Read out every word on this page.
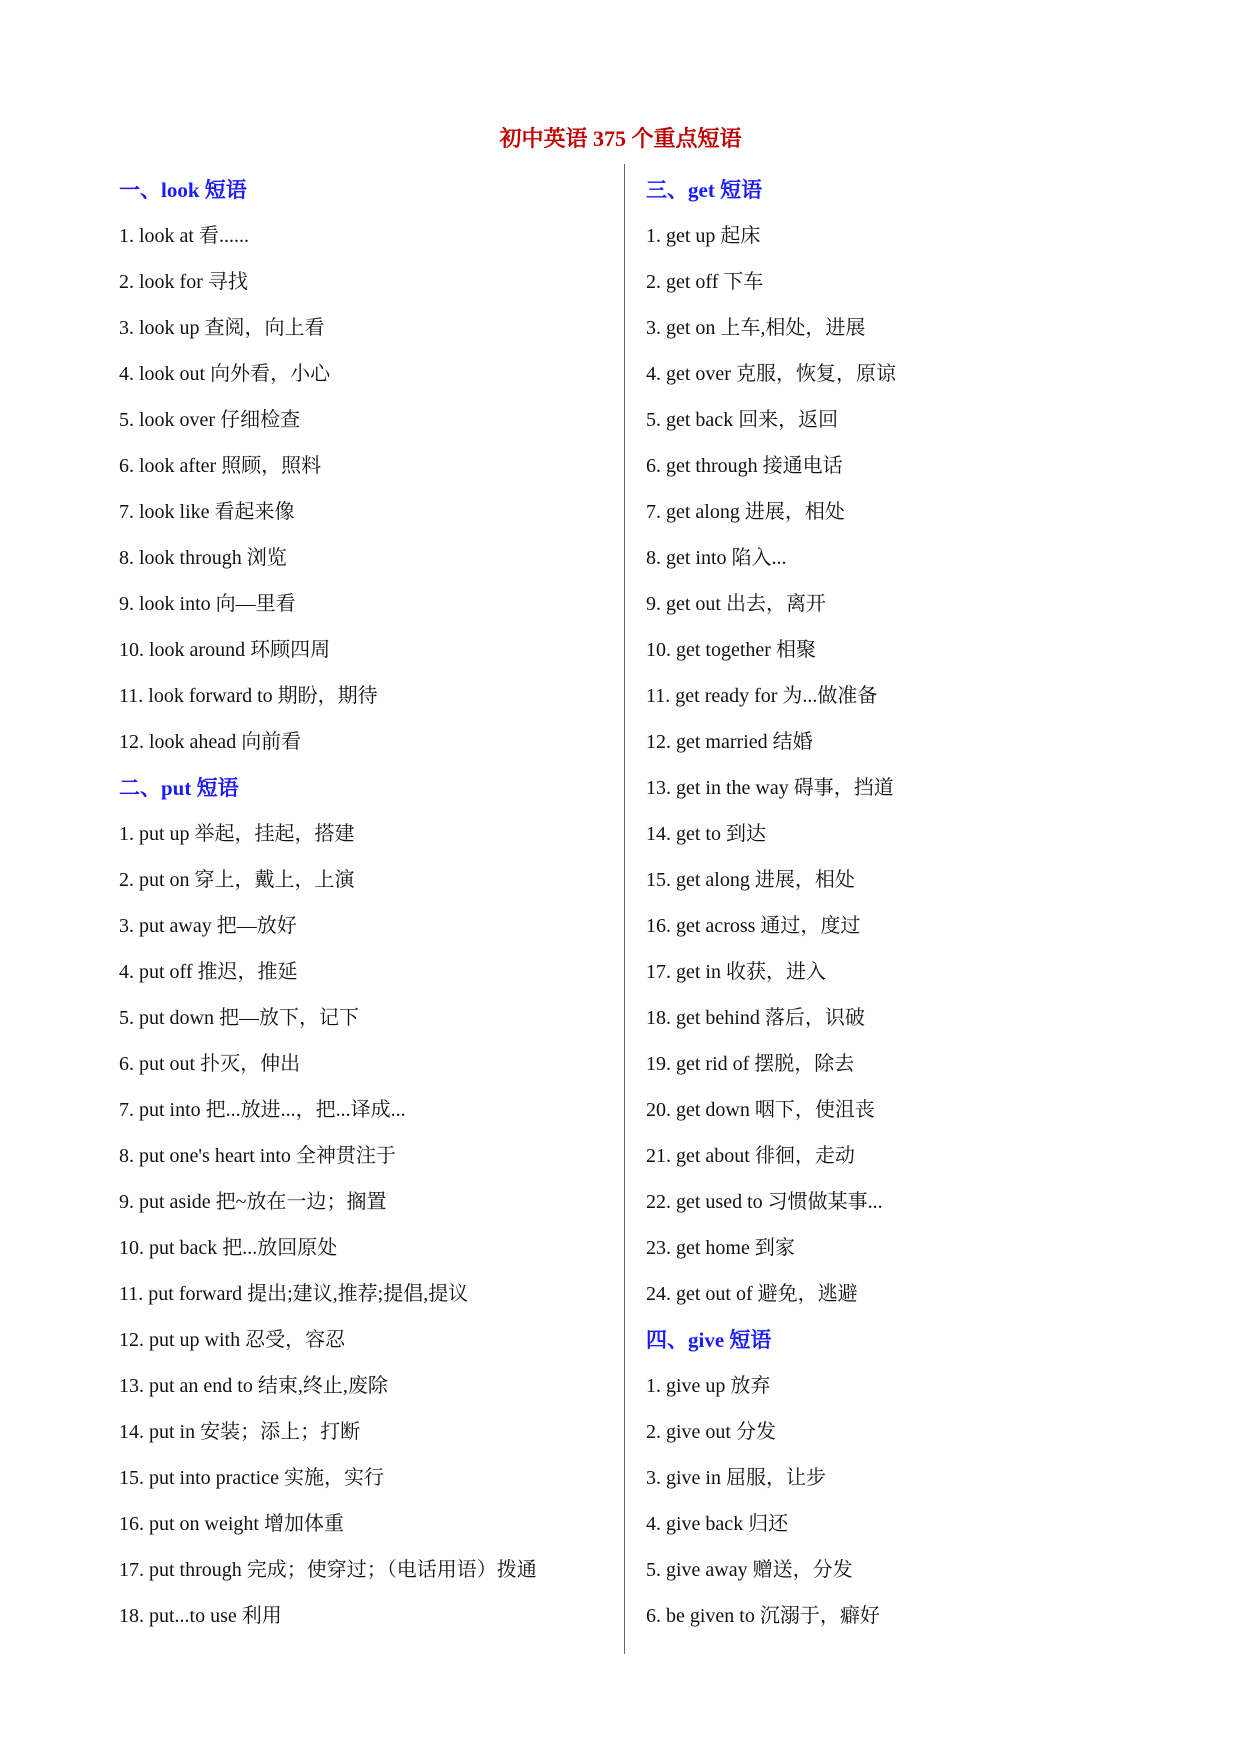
初中英语 375 个重点短语
一、look 短语
1. look at 看......
2. look for 寻找
3. look up 查阅，向上看
4. look out 向外看，小心
5. look over 仔细检查
6. look after 照顾，照料
7. look like 看起来像
8. look through 浏览
9. look into 向—里看
10. look around 环顾四周
11. look forward to 期盼，期待
12. look ahead 向前看
二、put 短语
1. put up 举起，挂起，搭建
2. put on 穿上，戴上，上演
3. put away 把—放好
4. put off 推迟，推延
5. put down 把—放下，记下
6. put out 扑灭，伸出
7. put into 把...放进...，把...译成...
8. put one's heart into 全神贯注于
9. put aside 把~放在一边；搁置
10. put back 把...放回原处
11. put forward 提出;建议,推荐;提倡,提议
12. put up with 忍受，容忍
13. put an end to 结束,终止,废除
14. put in 安装；添上；打断
15. put into practice 实施，实行
16. put on weight 增加体重
17. put through 完成；使穿过；（电话用语）拨通
18. put...to use 利用
三、get 短语
1. get up 起床
2. get off 下车
3. get on 上车,相处，进展
4. get over 克服，恢复，原谅
5. get back 回来，返回
6. get through 接通电话
7. get along 进展，相处
8. get into 陷入...
9. get out 出去，离开
10. get together 相聚
11. get ready for 为...做准备
12. get married 结婚
13. get in the way 碍事，挡道
14. get to 到达
15. get along 进展，相处
16. get across 通过，度过
17. get in 收获，进入
18. get behind 落后，识破
19. get rid of 摆脱，除去
20. get down 咽下，使沮丧
21. get about 徘徊，走动
22. get used to 习惯做某事...
23. get home 到家
24. get out of 避免，逃避
四、give 短语
1. give up 放弃
2. give out 分发
3. give in 屈服，让步
4. give back 归还
5. give away 赠送，分发
6. be given to 沉溺于，癖好
